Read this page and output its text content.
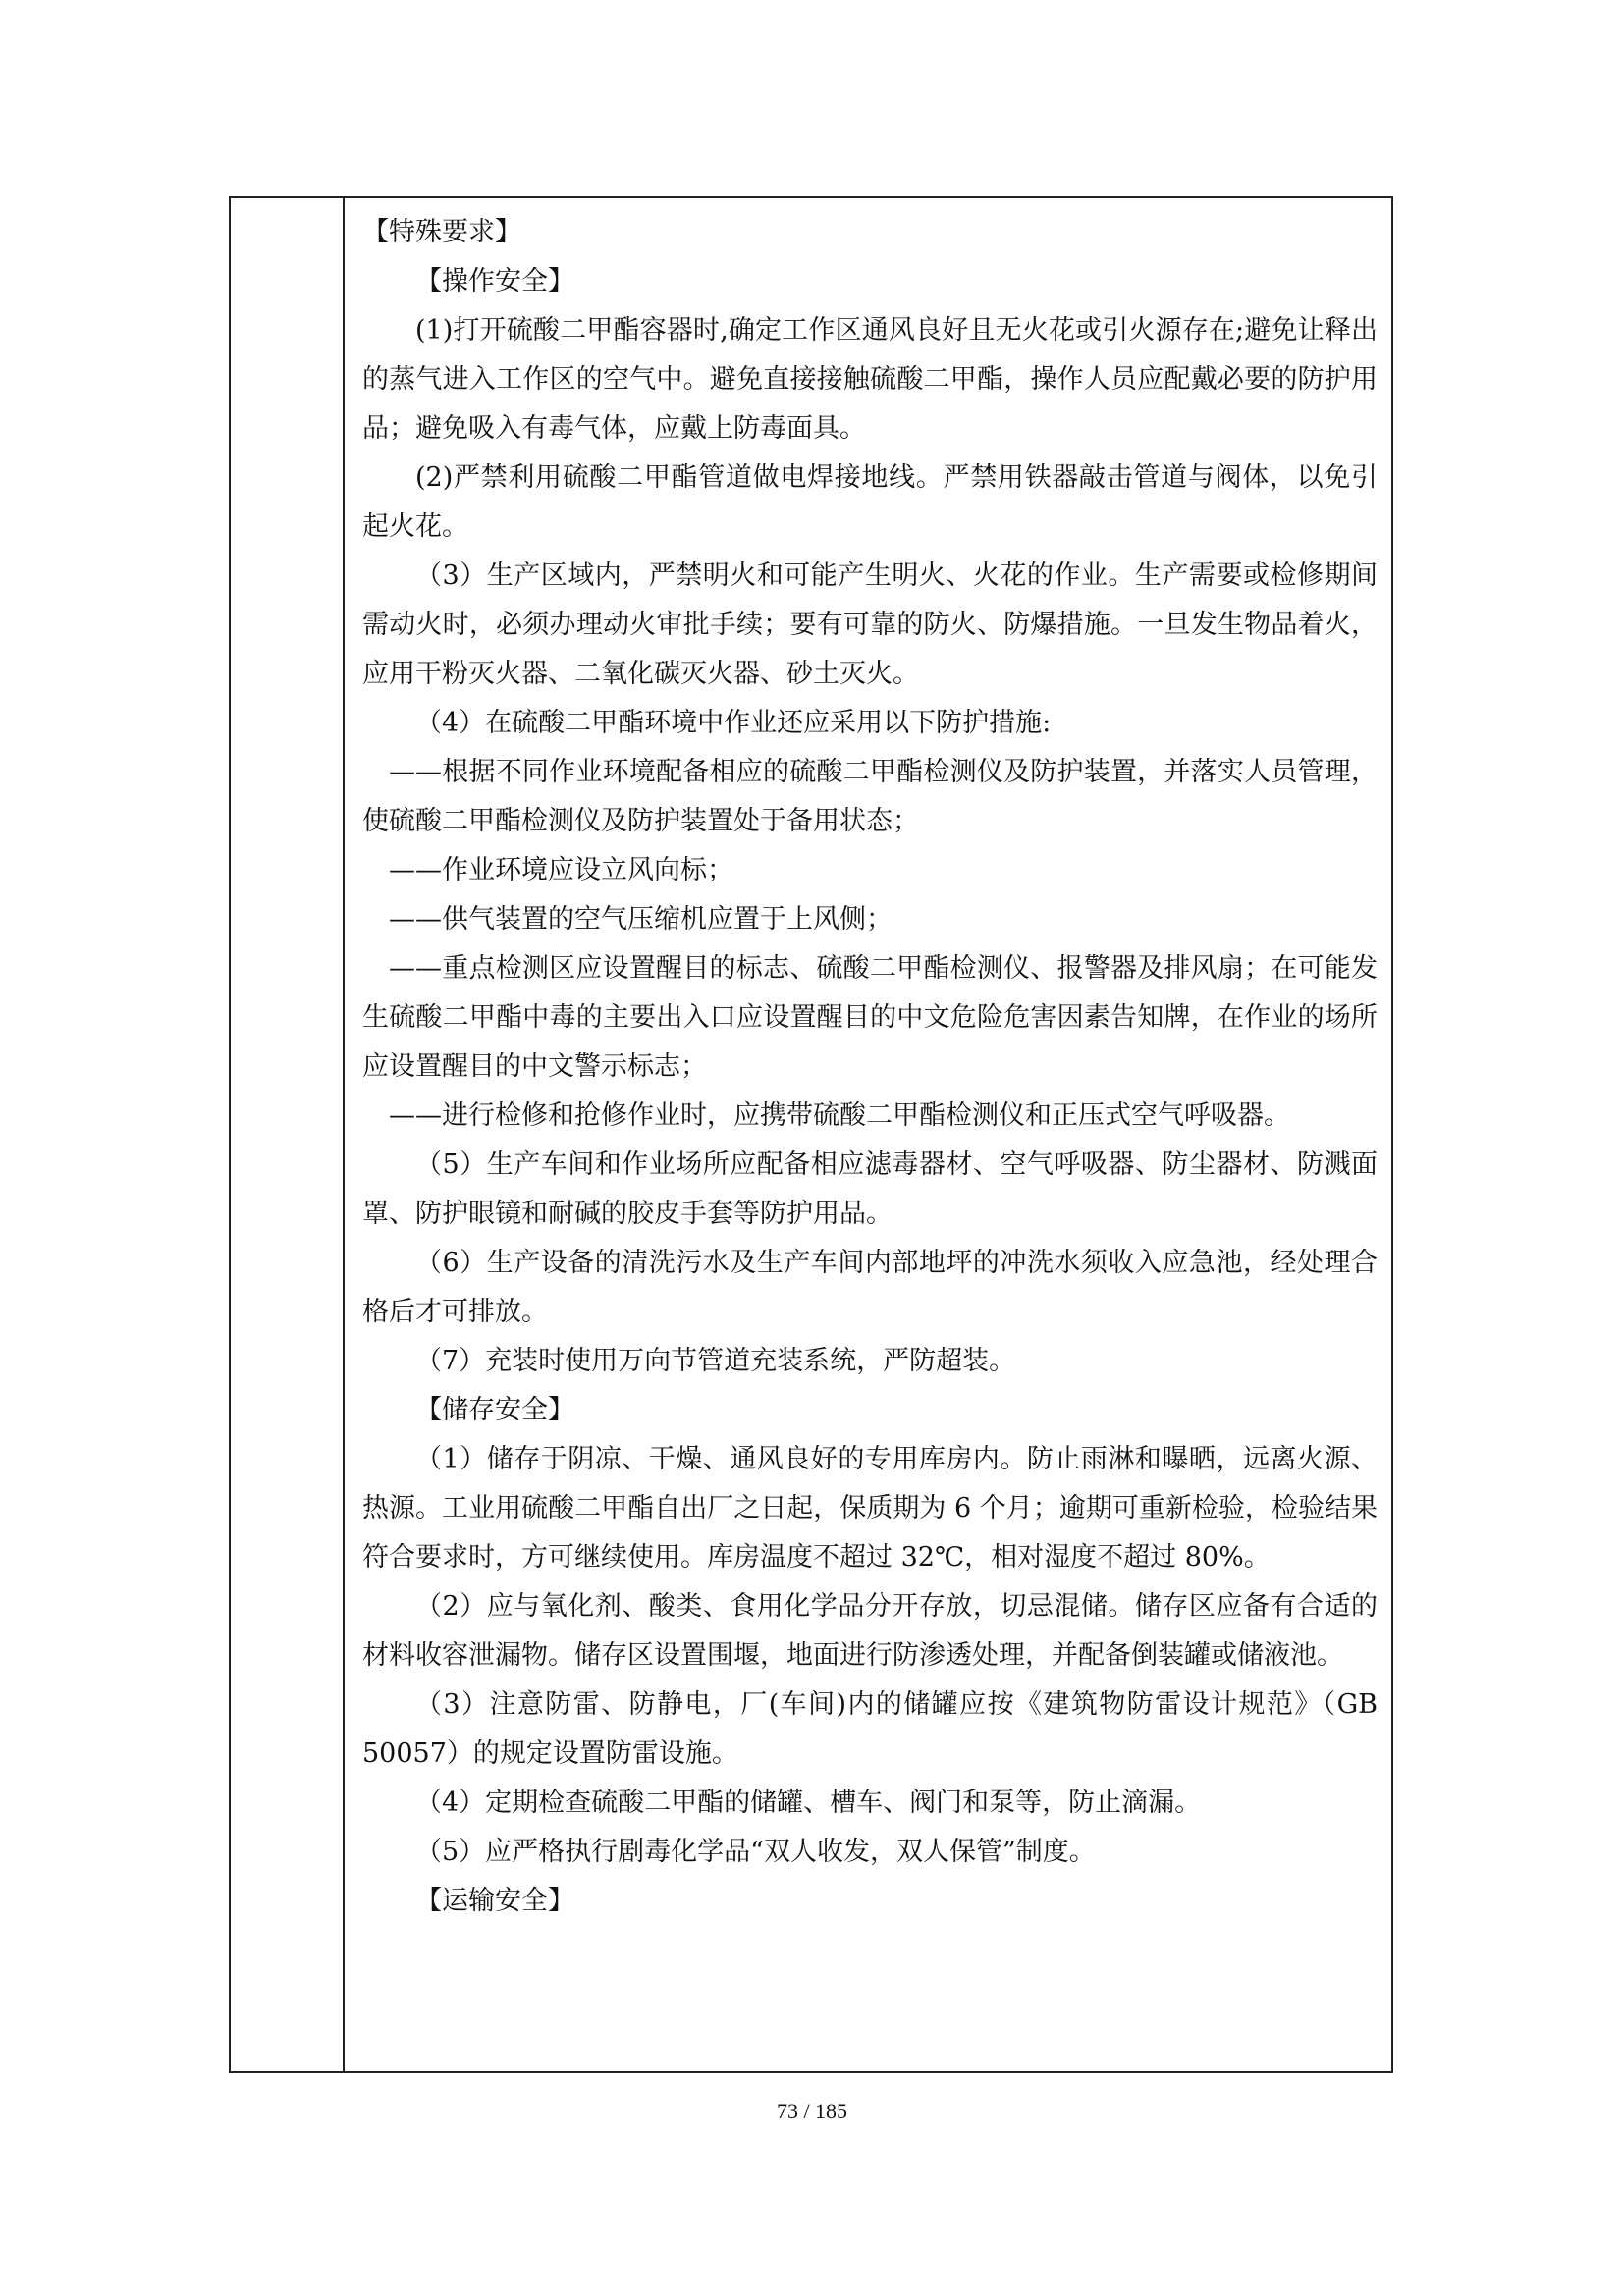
【特殊要求】

【操作安全】

(1)打开硫酸二甲酯容器时,确定工作区通风良好且无火花或引火源存在;避免让释出的蒸气进入工作区的空气中。避免直接接触硫酸二甲酯，操作人员应配戴必要的防护用品；避免吸入有毒气体，应戴上防毒面具。

(2)严禁利用硫酸二甲酯管道做电焊接地线。严禁用铁器敲击管道与阀体，以免引起火花。

（3）生产区域内，严禁明火和可能产生明火、火花的作业。生产需要或检修期间需动火时，必须办理动火审批手续；要有可靠的防火、防爆措施。一旦发生物品着火，应用干粉灭火器、二氧化碳灭火器、砂土灭火。

（4）在硫酸二甲酯环境中作业还应采用以下防护措施:

——根据不同作业环境配备相应的硫酸二甲酯检测仪及防护装置，并落实人员管理，使硫酸二甲酯检测仪及防护装置处于备用状态；

——作业环境应设立风向标；

——供气装置的空气压缩机应置于上风侧；

——重点检测区应设置醒目的标志、硫酸二甲酯检测仪、报警器及排风扇；在可能发生硫酸二甲酯中毒的主要出入口应设置醒目的中文危险危害因素告知牌，在作业的场所应设置醒目的中文警示标志；

——进行检修和抢修作业时，应携带硫酸二甲酯检测仪和正压式空气呼吸器。

（5）生产车间和作业场所应配备相应滤毒器材、空气呼吸器、防尘器材、防溅面罩、防护眼镜和耐碱的胶皮手套等防护用品。

（6）生产设备的清洗污水及生产车间内部地坪的冲洗水须收入应急池，经处理合格后才可排放。

（7）充装时使用万向节管道充装系统，严防超装。

【储存安全】

（1）储存于阴凉、干燥、通风良好的专用库房内。防止雨淋和曝晒，远离火源、热源。工业用硫酸二甲酯自出厂之日起，保质期为 6 个月；逾期可重新检验，检验结果符合要求时，方可继续使用。库房温度不超过 32℃，相对湿度不超过 80%。

（2）应与氧化剂、酸类、食用化学品分开存放，切忌混储。储存区应备有合适的材料收容泄漏物。储存区设置围堰，地面进行防渗透处理，并配备倒装罐或储液池。

（3）注意防雷、防静电，厂(车间)内的储罐应按《建筑物防雷设计规范》（GB 50057）的规定设置防雷设施。

（4）定期检查硫酸二甲酯的储罐、槽车、阀门和泵等，防止滴漏。

（5）应严格执行剧毒化学品“双人收发，双人保管”制度。

【运输安全】

73 / 185
